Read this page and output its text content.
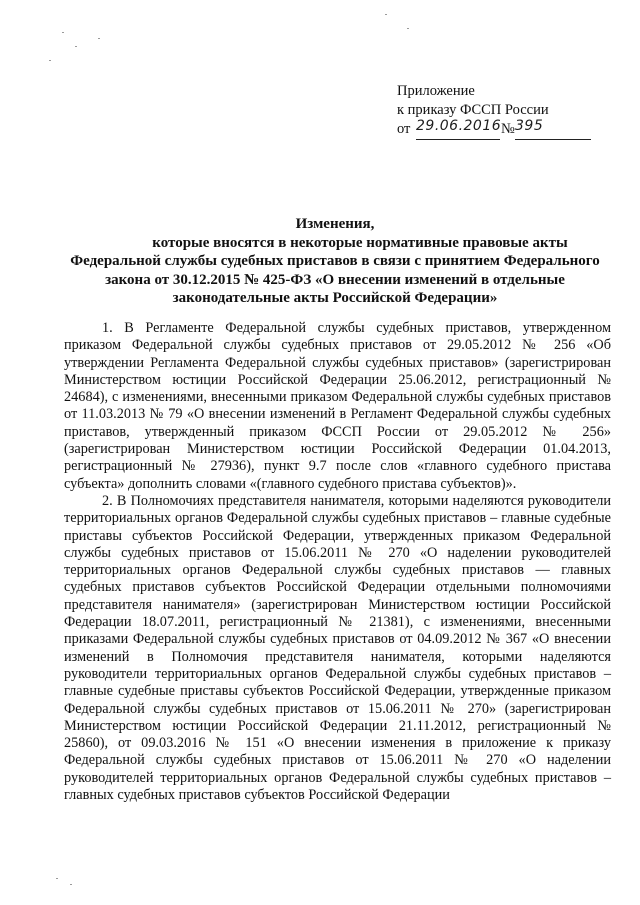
Приложение
к приказу ФССП России
от 29.06.2016 № 395
Изменения,
которые вносятся в некоторые нормативные правовые акты
Федеральной службы судебных приставов в связи с принятием Федерального
закона от 30.12.2015 № 425-ФЗ «О внесении изменений в отдельные
законодательные акты Российской Федерации»

1. В Регламенте Федеральной службы судебных приставов, утвержденном приказом Федеральной службы судебных приставов от 29.05.2012 № 256 «Об утверждении Регламента Федеральной службы судебных приставов» (зарегистрирован Министерством юстиции Российской Федерации 25.06.2012, регистрационный № 24684), с изменениями, внесенными приказом Федеральной службы судебных приставов от 11.03.2013 № 79 «О внесении изменений в Регламент Федеральной службы судебных приставов, утвержденный приказом ФССП России от 29.05.2012 № 256» (зарегистрирован Министерством юстиции Российской Федерации 01.04.2013, регистрационный № 27936), пункт 9.7 после слов «главного судебного пристава субъекта» дополнить словами «(главного судебного пристава субъектов)».

2. В Полномочиях представителя нанимателя, которыми наделяются руководители территориальных органов Федеральной службы судебных приставов – главные судебные приставы субъектов Российской Федерации, утвержденных приказом Федеральной службы судебных приставов от 15.06.2011 № 270 «О наделении руководителей территориальных органов Федеральной службы судебных приставов — главных судебных приставов субъектов Российской Федерации отдельными полномочиями представителя нанимателя» (зарегистрирован Министерством юстиции Российской Федерации 18.07.2011, регистрационный № 21381), с изменениями, внесенными приказами Федеральной службы судебных приставов от 04.09.2012 № 367 «О внесении изменений в Полномочия представителя нанимателя, которыми наделяются руководители территориальных органов Федеральной службы судебных приставов – главные судебные приставы субъектов Российской Федерации, утвержденные приказом Федеральной службы судебных приставов от 15.06.2011 № 270» (зарегистрирован Министерством юстиции Российской Федерации 21.11.2012, регистрационный № 25860), от 09.03.2016 № 151 «О внесении изменения в приложение к приказу Федеральной службы судебных приставов от 15.06.2011 № 270 «О наделении руководителей территориальных органов Федеральной службы судебных приставов – главных судебных приставов субъектов Российской Федерации
